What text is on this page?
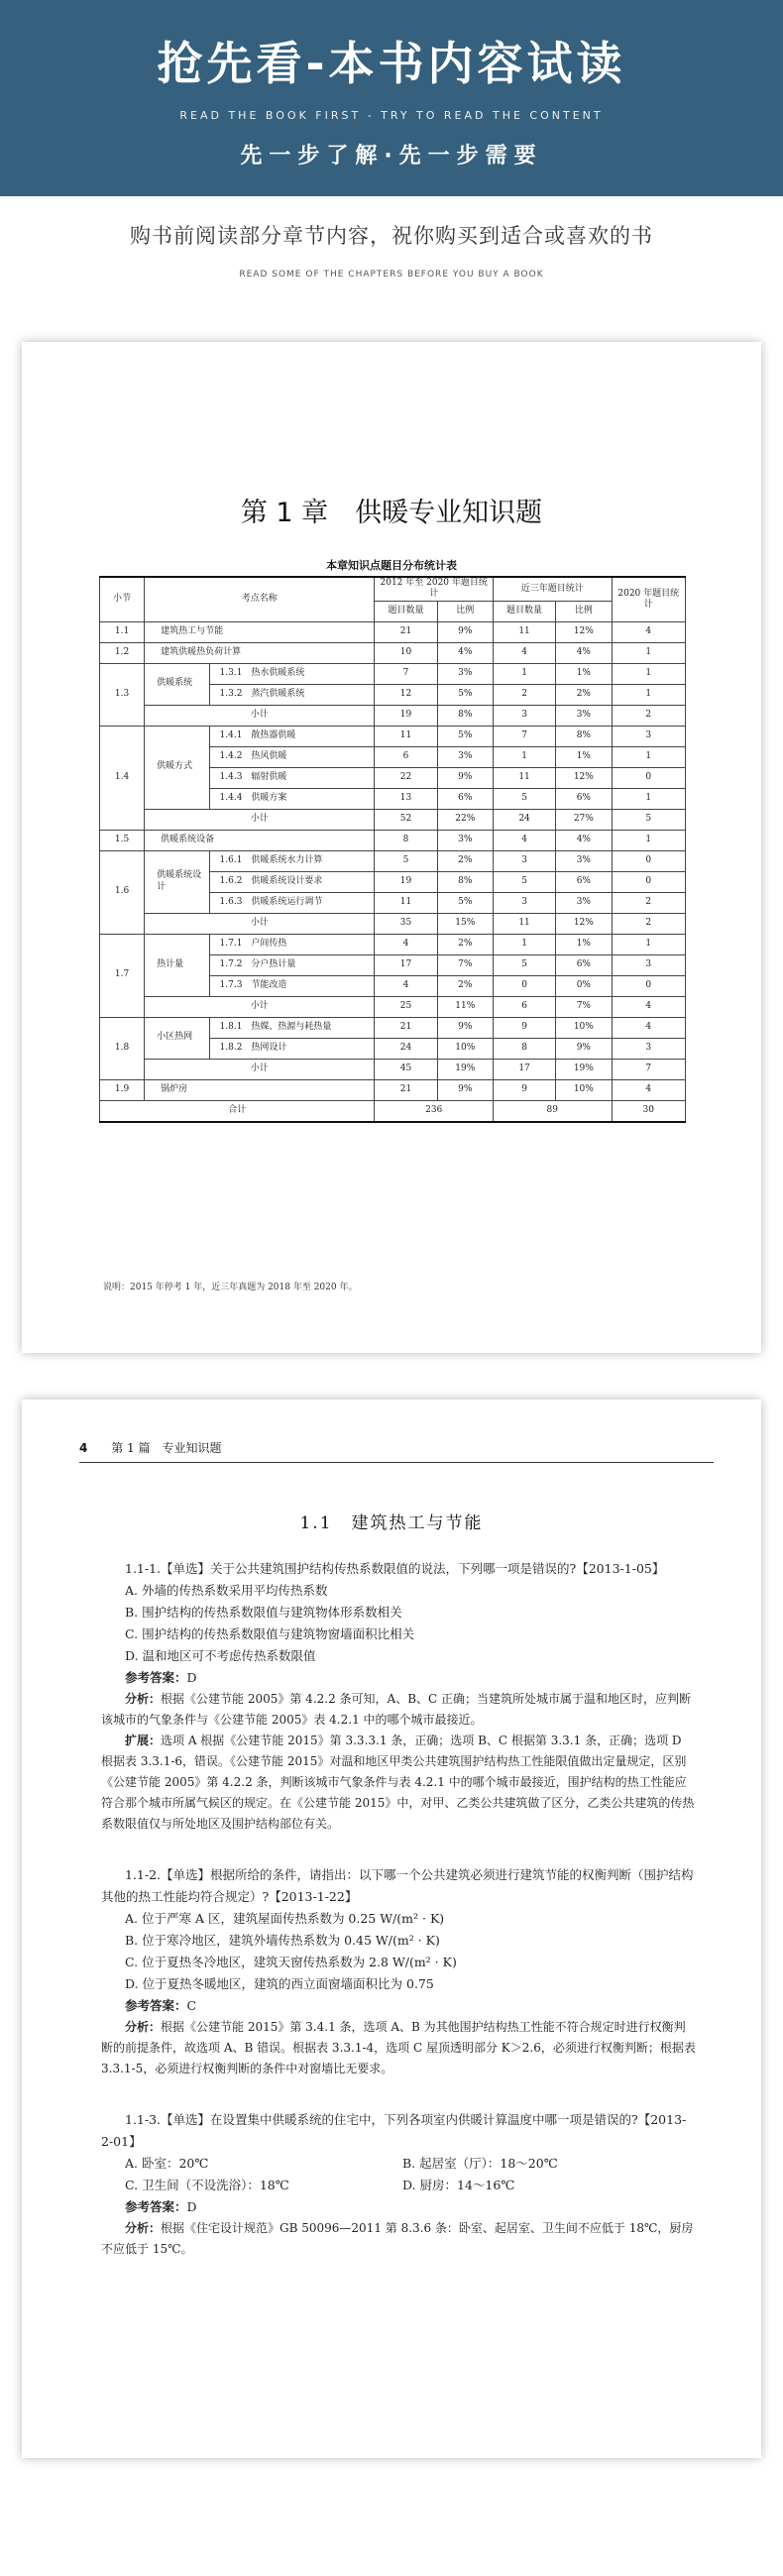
抢先看-本书内容试读
READ THE BOOK FIRST - TRY TO READ THE CONTENT
先一步了解·先一步需要
购书前阅读部分章节内容，祝你购买到适合或喜欢的书
READ SOME OF THE CHAPTERS BEFORE YOU BUY A BOOK
第 1 章　供暖专业知识题
本章知识点题目分布统计表
小节	考点名称		2012 年至 2020 年题目统计		近三年题目统计		2020 年题目统计
			题目数量	比例	题目数量	比例	
1.1	建筑热工与节能		21	9%	11	12%	4
1.2	建筑供暖热负荷计算		10	4%	4	4%	1
1.3	供暖系统	1.3.1　热水供暖系统	7	3%	1	1%	1
		1.3.2　蒸汽供暖系统	12	5%	2	2%	1
	小计		19	8%	3	3%	2
1.4	供暖方式	1.4.1　散热器供暖	11	5%	7	8%	3
		1.4.2　热风供暖	6	3%	1	1%	1
		1.4.3　辐射供暖	22	9%	11	12%	0
		1.4.4　供暖方案	13	6%	5	6%	1
	小计		52	22%	24	27%	5
1.5	供暖系统设备		8	3%	4	4%	1
1.6	供暖系统设计	1.6.1　供暖系统水力计算	5	2%	3	3%	0
		1.6.2　供暖系统设计要求	19	8%	5	6%	0
		1.6.3　供暖系统运行调节	11	5%	3	3%	2
	小计		35	15%	11	12%	2
1.7	热计量	1.7.1　户间传热	4	2%	1	1%	1
		1.7.2　分户热计量	17	7%	5	6%	3
		1.7.3　节能改造	4	2%	0	0%	0
	小计		25	11%	6	7%	4
1.8	小区热网	1.8.1　热媒、热源与耗热量	21	9%	9	10%	4
		1.8.2　热网设计	24	10%	8	9%	3
	小计		45	19%	17	19%	7
1.9	锅炉房		21	9%	9	10%	4
合计			236		89		30
说明：2015 年停考 1 年，近三年真题为 2018 年至 2020 年。
4 第 1 篇　专业知识题
1.1　建筑热工与节能

1.1-1.【单选】关于公共建筑围护结构传热系数限值的说法，下列哪一项是错误的?【2013-1-05】

A. 外墙的传热系数采用平均传热系数

B. 围护结构的传热系数限值与建筑物体形系数相关

C. 围护结构的传热系数限值与建筑物窗墙面积比相关

D. 温和地区可不考虑传热系数限值

参考答案：D

分析：根据《公建节能 2005》第 4.2.2 条可知，A、B、C 正确；当建筑所处城市属于温和地区时，应判断该城市的气象条件与《公建节能 2005》表 4.2.1 中的哪个城市最接近。

扩展：选项 A 根据《公建节能 2015》第 3.3.3.1 条，正确；选项 B、C 根据第 3.3.1 条，正确；选项 D 根据表 3.3.1-6，错误。《公建节能 2015》对温和地区甲类公共建筑围护结构热工性能限值做出定量规定，区别《公建节能 2005》第 4.2.2 条，判断该城市气象条件与表 4.2.1 中的哪个城市最接近，围护结构的热工性能应符合那个城市所属气候区的规定。在《公建节能 2015》中，对甲、乙类公共建筑做了区分，乙类公共建筑的传热系数限值仅与所处地区及围护结构部位有关。

1.1-2.【单选】根据所给的条件，请指出：以下哪一个公共建筑必须进行建筑节能的权衡判断（围护结构其他的热工性能均符合规定）?【2013-1-22】

A. 位于严寒 A 区，建筑屋面传热系数为 0.25 W/(m² · K)

B. 位于寒冷地区，建筑外墙传热系数为 0.45 W/(m² · K)

C. 位于夏热冬冷地区，建筑天窗传热系数为 2.8 W/(m² · K)

D. 位于夏热冬暖地区，建筑的西立面窗墙面积比为 0.75

参考答案：C

分析：根据《公建节能 2015》第 3.4.1 条，选项 A、B 为其他围护结构热工性能不符合规定时进行权衡判断的前提条件，故选项 A、B 错误。根据表 3.3.1-4，选项 C 屋顶透明部分 K＞2.6，必须进行权衡判断；根据表 3.3.1-5，必须进行权衡判断的条件中对窗墙比无要求。

1.1-3.【单选】在设置集中供暖系统的住宅中，下列各项室内供暖计算温度中哪一项是错误的?【2013-2-01】

A. 卧室：20℃	B. 起居室（厅）：18～20℃
C. 卫生间（不设洗浴）：18℃	D. 厨房：14～16℃

参考答案：D

分析：根据《住宅设计规范》GB 50096—2011 第 8.3.6 条：卧室、起居室、卫生间不应低于 18℃，厨房不应低于 15℃。
